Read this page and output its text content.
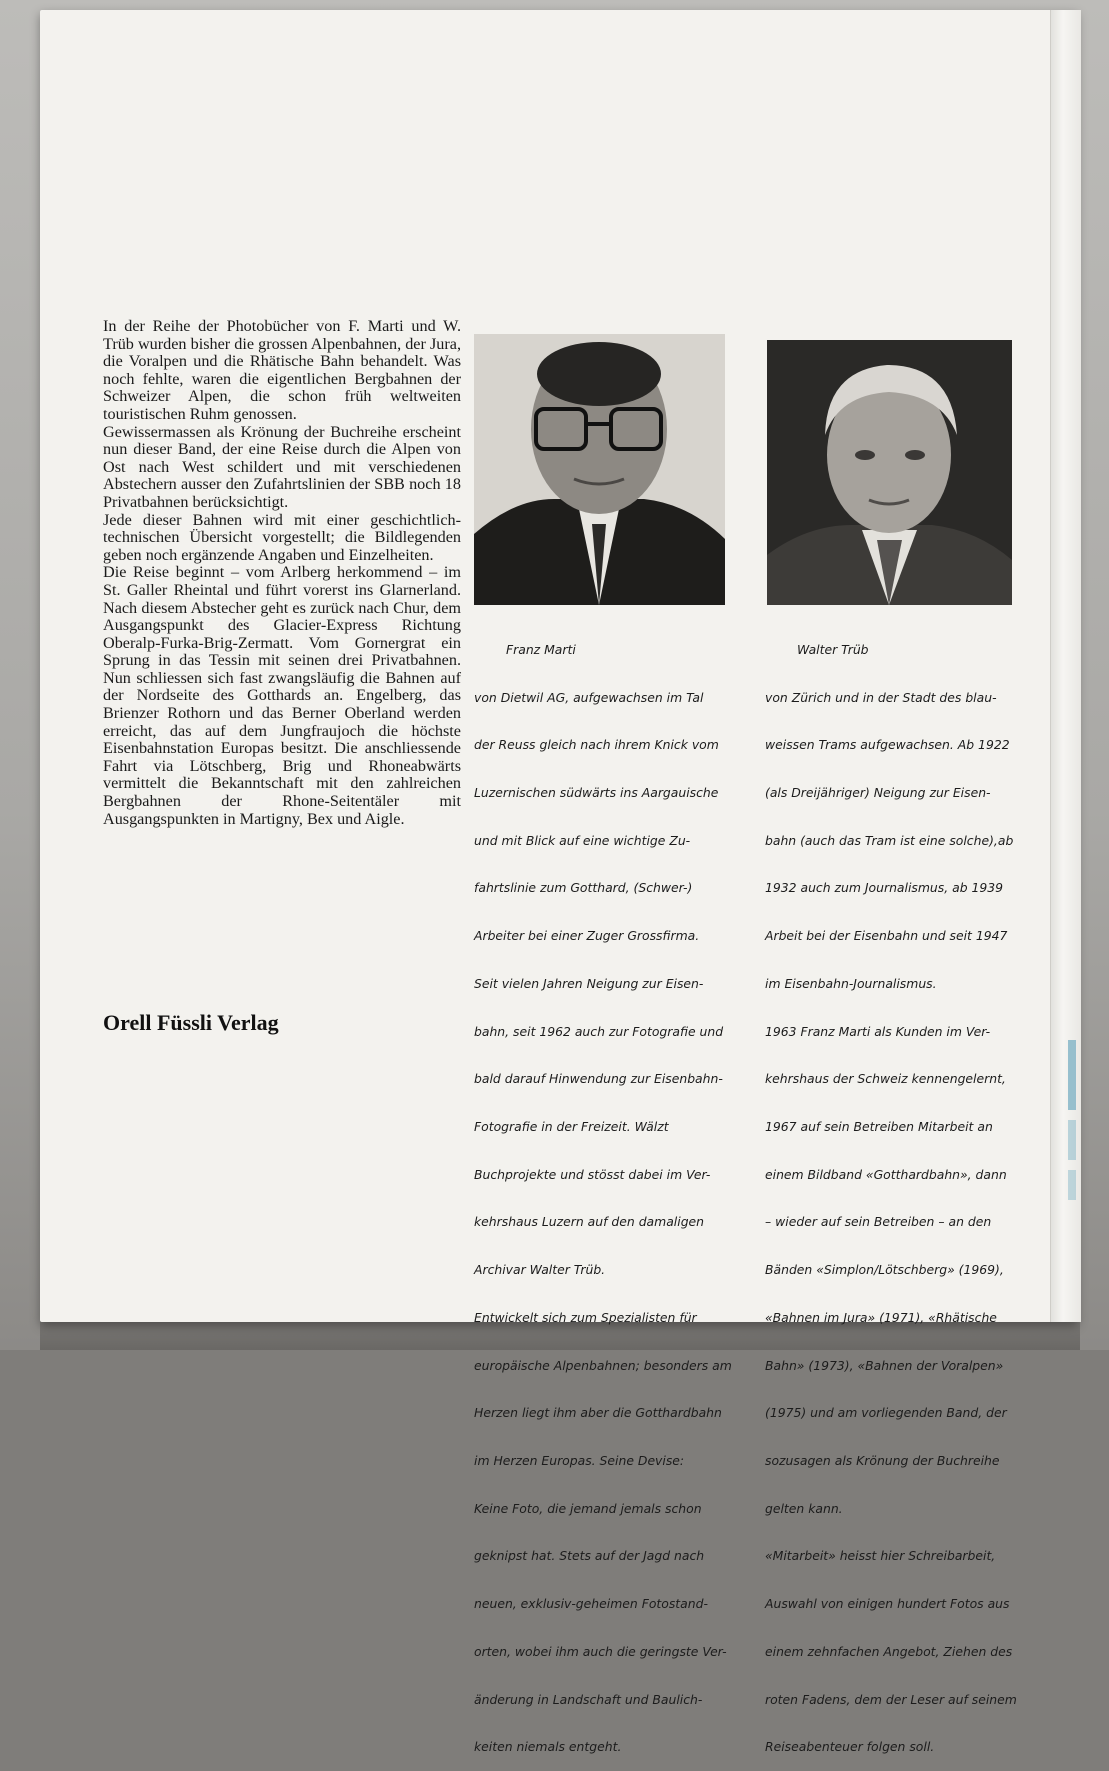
In der Reihe der Photobücher von F. Marti und W. Trüb wurden bisher die grossen Alpenbahnen, der Jura, die Voralpen und die Rhätische Bahn behandelt. Was noch fehlte, waren die eigentlichen Bergbahnen der Schweizer Alpen, die schon früh weltweiten touristischen Ruhm genossen.

Gewissermassen als Krönung der Buchreihe erscheint nun dieser Band, der eine Reise durch die Alpen von Ost nach West schildert und mit verschiedenen Abstechern ausser den Zufahrtslinien der SBB noch 18 Privatbahnen berücksichtigt.

Jede dieser Bahnen wird mit einer geschichtlich-technischen Übersicht vorgestellt; die Bildlegenden geben noch ergänzende Angaben und Einzelheiten.

Die Reise beginnt – vom Arlberg herkommend – im St. Galler Rheintal und führt vorerst ins Glarnerland. Nach diesem Abstecher geht es zurück nach Chur, dem Ausgangspunkt des Glacier-Express Richtung Oberalp-Furka-Brig-Zermatt. Vom Gornergrat ein Sprung in das Tessin mit seinen drei Privatbahnen. Nun schliessen sich fast zwangsläufig die Bahnen auf der Nordseite des Gotthards an. Engelberg, das Brienzer Rothorn und das Berner Oberland werden erreicht, das auf dem Jungfraujoch die höchste Eisenbahnstation Europas besitzt. Die anschliessende Fahrt via Lötschberg, Brig und Rhoneabwärts vermittelt die Bekanntschaft mit den zahlreichen Bergbahnen der Rhone-Seitentäler mit Ausgangspunkten in Martigny, Bex und Aigle.

Orell Füssli Verlag

Franz Marti

von Dietwil AG, aufgewachsen im Tal

der Reuss gleich nach ihrem Knick vom

Luzernischen südwärts ins Aargauische

und mit Blick auf eine wichtige Zu-

fahrtslinie zum Gotthard, (Schwer-)

Arbeiter bei einer Zuger Grossfirma.

Seit vielen Jahren Neigung zur Eisen-

bahn, seit 1962 auch zur Fotografie und

bald darauf Hinwendung zur Eisenbahn-

Fotografie in der Freizeit. Wälzt

Buchprojekte und stösst dabei im Ver-

kehrshaus Luzern auf den damaligen

Archivar Walter Trüb.

Entwickelt sich zum Spezialisten für

europäische Alpenbahnen; besonders am

Herzen liegt ihm aber die Gotthardbahn

im Herzen Europas. Seine Devise:

Keine Foto, die jemand jemals schon

geknipst hat. Stets auf der Jagd nach

neuen, exklusiv-geheimen Fotostand-

orten, wobei ihm auch die geringste Ver-

änderung in Landschaft und Baulich-

keiten niemals entgeht.

Walter Trüb

von Zürich und in der Stadt des blau-

weissen Trams aufgewachsen. Ab 1922

(als Dreijähriger) Neigung zur Eisen-

bahn (auch das Tram ist eine solche),ab

1932 auch zum Journalismus, ab 1939

Arbeit bei der Eisenbahn und seit 1947

im Eisenbahn-Journalismus.

1963 Franz Marti als Kunden im Ver-

kehrshaus der Schweiz kennengelernt,

1967 auf sein Betreiben Mitarbeit an

einem Bildband «Gotthardbahn», dann

– wieder auf sein Betreiben – an den

Bänden «Simplon/Lötschberg» (1969),

«Bahnen im Jura» (1971), «Rhätische

Bahn» (1973), «Bahnen der Voralpen»

(1975) und am vorliegenden Band, der

sozusagen als Krönung der Buchreihe

gelten kann.

«Mitarbeit» heisst hier Schreibarbeit,

Auswahl von einigen hundert Fotos aus

einem zehnfachen Angebot, Ziehen des

roten Fadens, dem der Leser auf seinem

Reiseabenteuer folgen soll.
